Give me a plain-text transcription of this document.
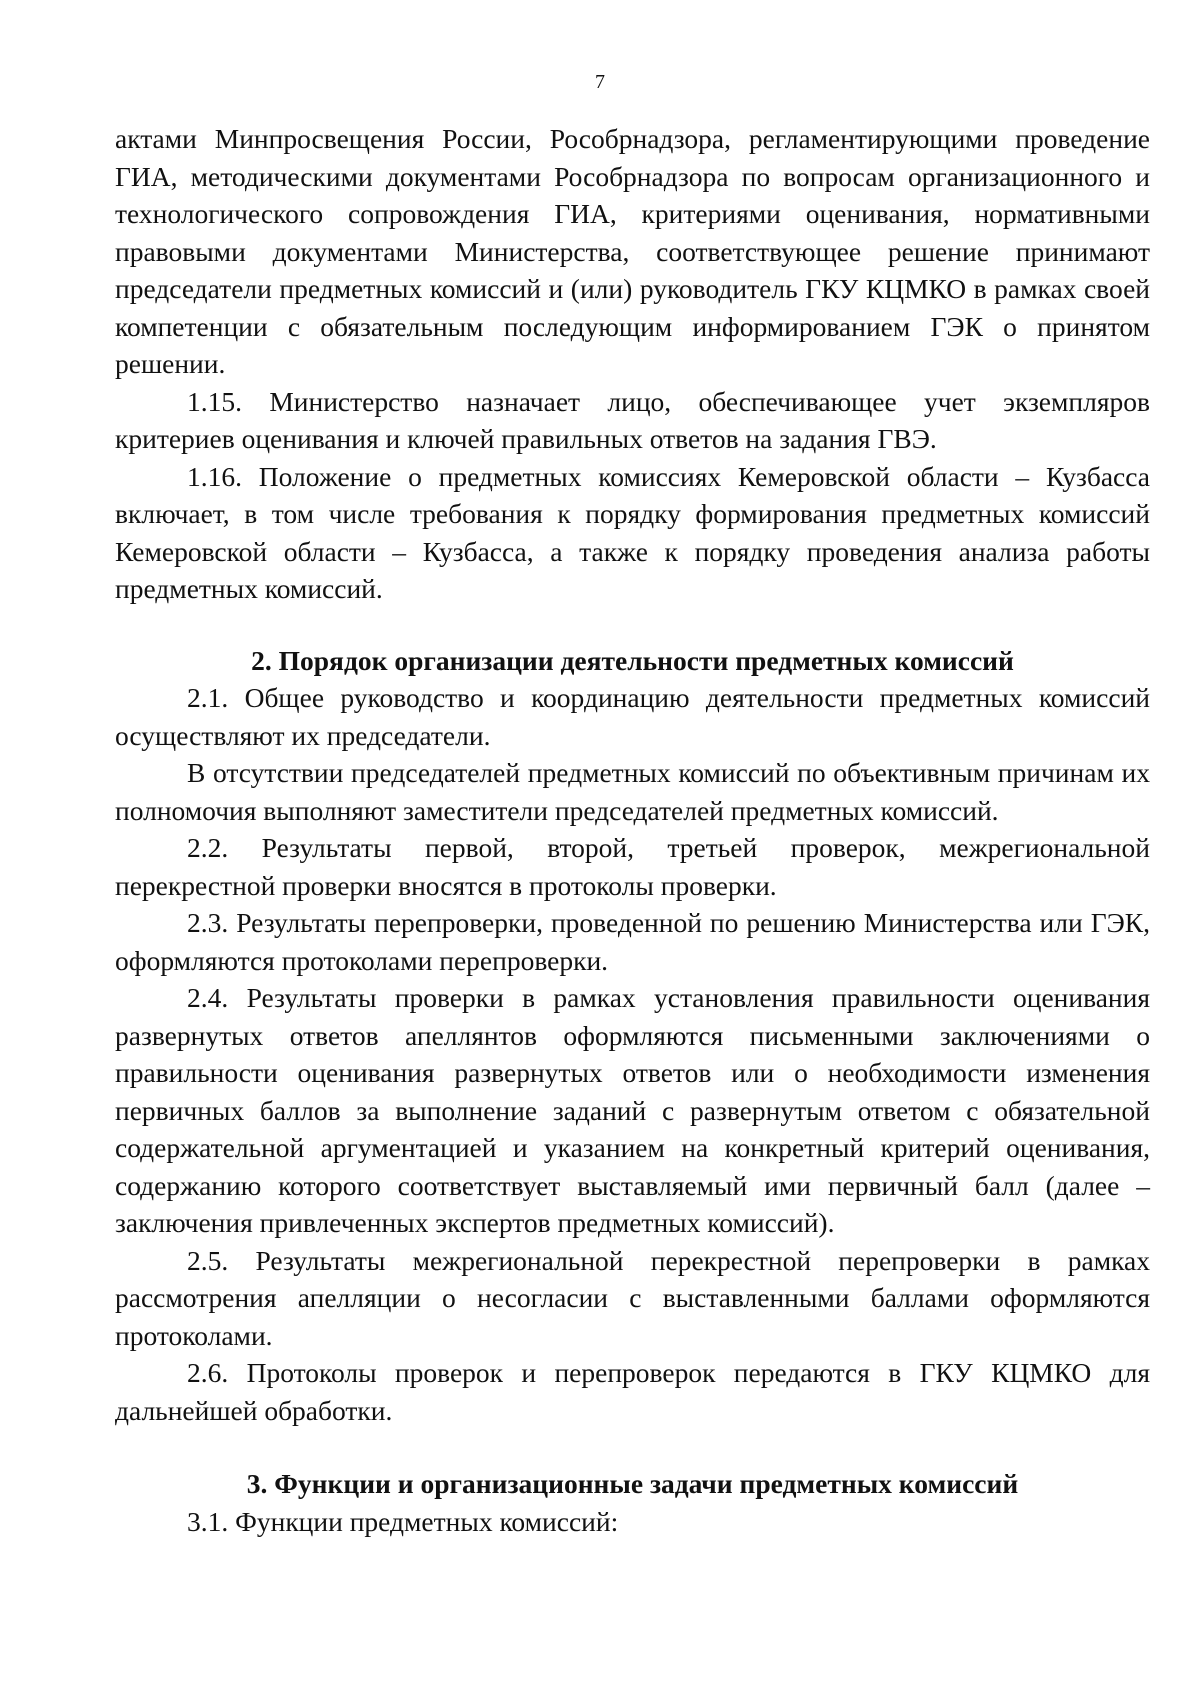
7

актами Минпросвещения России, Рособрнадзора, регламентирующими проведение ГИА, методическими документами Рособрнадзора по вопросам организационного и технологического сопровождения ГИА, критериями оценивания, нормативными правовыми документами Министерства, соответствующее решение принимают председатели предметных комиссий и (или) руководитель ГКУ КЦМКО в рамках своей компетенции с обязательным последующим информированием ГЭК о принятом решении.

1.15. Министерство назначает лицо, обеспечивающее учет экземпляров критериев оценивания и ключей правильных ответов на задания ГВЭ.

1.16. Положение о предметных комиссиях Кемеровской области – Кузбасса включает, в том числе требования к порядку формирования предметных комиссий Кемеровской области – Кузбасса, а также к порядку проведения анализа работы предметных комиссий.

2. Порядок организации деятельности предметных комиссий

2.1. Общее руководство и координацию деятельности предметных комиссий осуществляют их председатели.

В отсутствии председателей предметных комиссий по объективным причинам их полномочия выполняют заместители председателей предметных комиссий.

2.2. Результаты первой, второй, третьей проверок, межрегиональной перекрестной проверки вносятся в протоколы проверки.

2.3. Результаты перепроверки, проведенной по решению Министерства или ГЭК, оформляются протоколами перепроверки.

2.4. Результаты проверки в рамках установления правильности оценивания развернутых ответов апеллянтов оформляются письменными заключениями о правильности оценивания развернутых ответов или о необходимости изменения первичных баллов за выполнение заданий с развернутым ответом с обязательной содержательной аргументацией и указанием на конкретный критерий оценивания, содержанию которого соответствует выставляемый ими первичный балл (далее – заключения привлеченных экспертов предметных комиссий).

2.5. Результаты межрегиональной перекрестной перепроверки в рамках рассмотрения апелляции о несогласии с выставленными баллами оформляются протоколами.

2.6. Протоколы проверок и перепроверок передаются в ГКУ КЦМКО для дальнейшей обработки.

3. Функции и организационные задачи предметных комиссий

3.1. Функции предметных комиссий:
